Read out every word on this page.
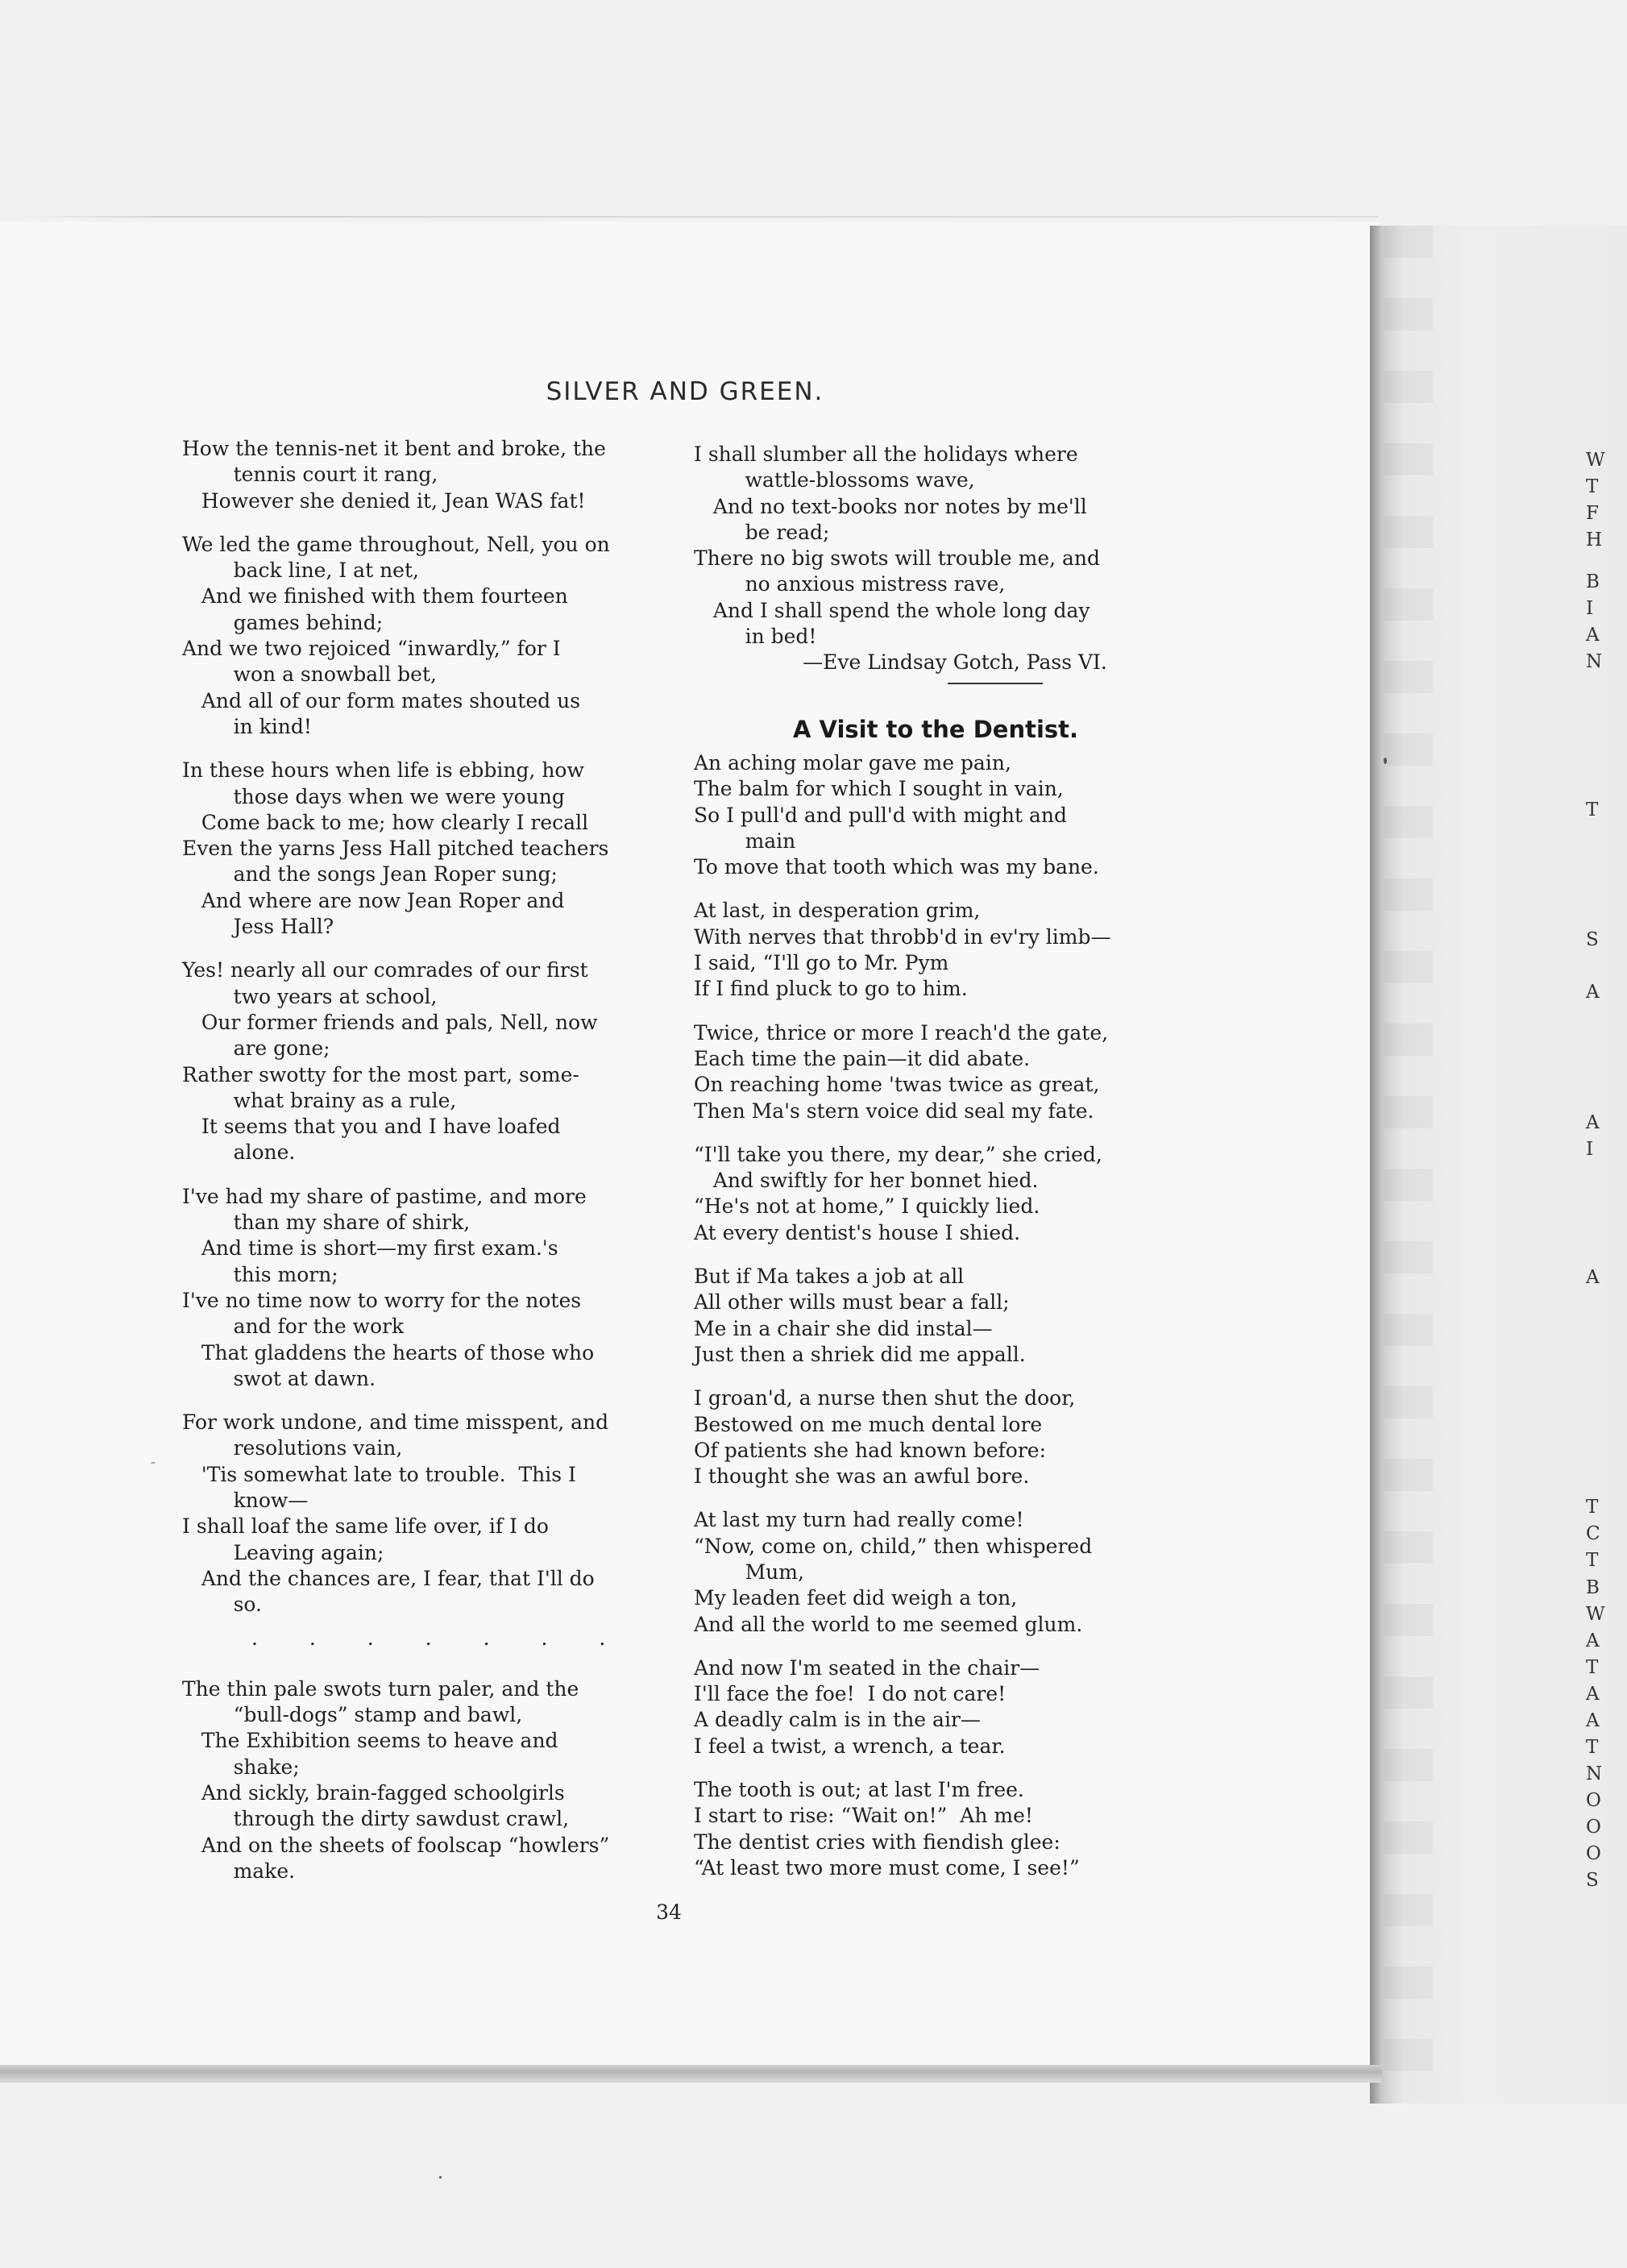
SILVER AND GREEN.
How the tennis-net it bent and broke, the
tennis court it rang,
However she denied it, Jean WAS fat!
We led the game throughout, Nell, you on
back line, I at net,
And we finished with them fourteen
games behind;
And we two rejoiced “inwardly,” for I
won a snowball bet,
And all of our form mates shouted us
in kind!
In these hours when life is ebbing, how
those days when we were young
Come back to me; how clearly I recall
Even the yarns Jess Hall pitched teachers
and the songs Jean Roper sung;
And where are now Jean Roper and
Jess Hall?
Yes! nearly all our comrades of our first
two years at school,
Our former friends and pals, Nell, now
are gone;
Rather swotty for the most part, some-
what brainy as a rule,
It seems that you and I have loafed
alone.
I've had my share of pastime, and more
than my share of shirk,
And time is short—my first exam.'s
this morn;
I've no time now to worry for the notes
and for the work
That gladdens the hearts of those who
swot at dawn.
For work undone, and time misspent, and
resolutions vain,
'Tis somewhat late to trouble.  This I
know—
I shall loaf the same life over, if I do
Leaving again;
And the chances are, I fear, that I'll do
so.
. . . . . . .
The thin pale swots turn paler, and the
“bull-dogs” stamp and bawl,
The Exhibition seems to heave and
shake;
And sickly, brain-fagged schoolgirls
through the dirty sawdust crawl,
And on the sheets of foolscap “howlers”
make.
I shall slumber all the holidays where
wattle-blossoms wave,
And no text-books nor notes by me'll
be read;
There no big swots will trouble me, and
no anxious mistress rave,
And I shall spend the whole long day
in bed!
—Eve Lindsay Gotch, Pass VI.
A Visit to the Dentist.
An aching molar gave me pain,
The balm for which I sought in vain,
So I pull'd and pull'd with might and
main
To move that tooth which was my bane.
At last, in desperation grim,
With nerves that throbb'd in ev'ry limb—
I said, “I'll go to Mr. Pym
If I find pluck to go to him.
Twice, thrice or more I reach'd the gate,
Each time the pain—it did abate.
On reaching home 'twas twice as great,
Then Ma's stern voice did seal my fate.
“I'll take you there, my dear,” she cried,
And swiftly for her bonnet hied.
“He's not at home,” I quickly lied.
At every dentist's house I shied.
But if Ma takes a job at all
All other wills must bear a fall;
Me in a chair she did instal—
Just then a shriek did me appall.
I groan'd, a nurse then shut the door,
Bestowed on me much dental lore
Of patients she had known before:
I thought she was an awful bore.
At last my turn had really come!
“Now, come on, child,” then whispered
Mum,
My leaden feet did weigh a ton,
And all the world to me seemed glum.
And now I'm seated in the chair—
I'll face the foe!  I do not care!
A deadly calm is in the air—
I feel a twist, a wrench, a tear.
The tooth is out; at last I'm free.
I start to rise: “Wait on!”  Ah me!
The dentist cries with fiendish glee:
“At least two more must come, I see!”
34
W
T
F
H
B
I
A
N
T
S
A
A
I
A
T
C
T
B
W
A
T
A
A
T
N
O
O
O
S
